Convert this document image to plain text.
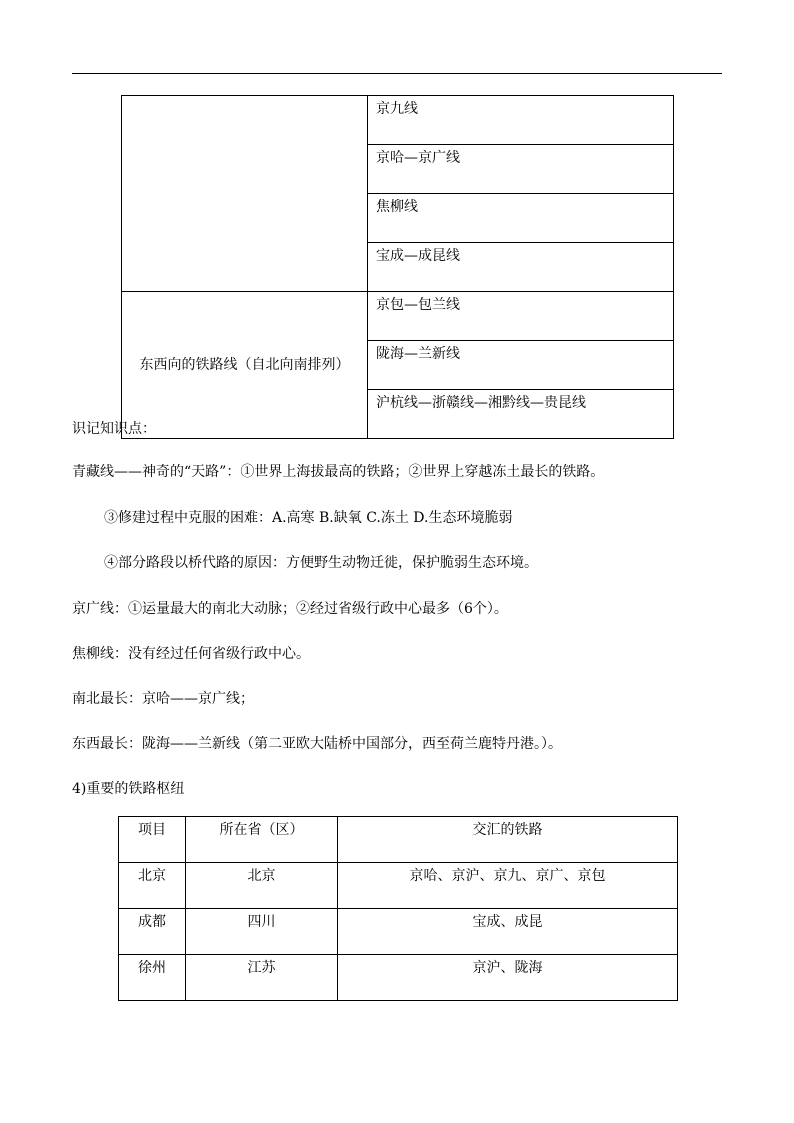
	京九线
	京哈—京广线
	焦柳线
	宝成—成昆线
东西向的铁路线（自北向南排列）	京包—包兰线
	陇海—兰新线
	沪杭线—浙赣线—湘黔线—贵昆线
识记知识点：
青藏线——神奇的“天路”：①世界上海拔最高的铁路；②世界上穿越冻土最长的铁路。
③修建过程中克服的困难：A.高寒 B.缺氧 C.冻土 D.生态环境脆弱
④部分路段以桥代路的原因：方便野生动物迁徙，保护脆弱生态环境。
京广线：①运量最大的南北大动脉；②经过省级行政中心最多（6个）。
焦柳线：没有经过任何省级行政中心。
南北最长：京哈——京广线；
东西最长：陇海——兰新线（第二亚欧大陆桥中国部分，西至荷兰鹿特丹港。）。
4)重要的铁路枢纽
项目	所在省（区）	交汇的铁路
北京	北京	京哈、京沪、京九、京广、京包
成都	四川	宝成、成昆
徐州	江苏	京沪、陇海
